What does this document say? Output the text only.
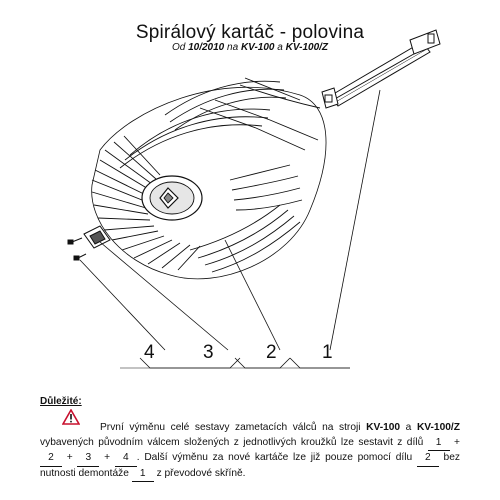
Spirálový kartáč - polovina
Od 10/2010 na KV-100 a KV-100/Z
4	3	2 1
Důležité:
První výměnu celé sestavy zametacích válců na stroji KV-100 a KV-100/Z vybavených původním válcem složených z jednotlivých kroužků lze sestavit z dílů 1 + 2 + 3 + 4 . Další výměnu za nové kartáče lze již pouze pomocí dílu 2 bez nutnosti demontáže 1 z převodové skříně.
